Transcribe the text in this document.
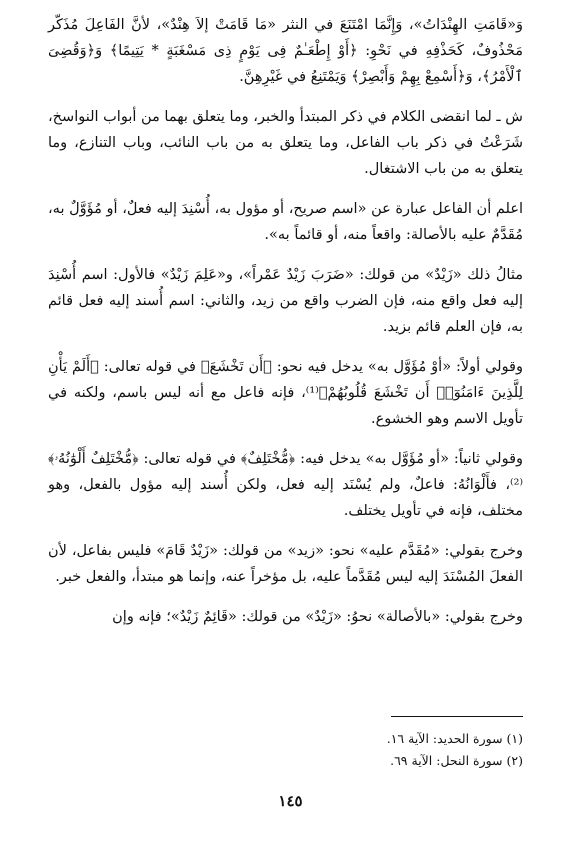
وَ«قَامَتِ الهِنْدَاتُ»، وَإِنَّمَا امْتَنَعَ في النثر «مَا قَامَتْ إلاَ هِنْدٌ»، لأنَّ الفَاعِلَ مُذَكّر مَحْذُوفٌ، كَحَذْفِهِ في نَحْوِ: ﴿أَوْ إِطْعَـٰمٌ فِى يَوْمٍ ذِى مَسْغَبَةٍ * يَتِيمًا﴾ وَ﴿وَقُضِىَ ٱلْأَمْرُ﴾، وَ﴿أَسْمِعْ بِهِمْ وَأَبْصِرْ﴾ وَيَمْتَنِعُ في غَيْرِهِنَّ.

ش ـ لما انقضى الكلام في ذكر المبتدأ والخبر، وما يتعلق بهما من أبواب النواسخ، شَرَعْتُ في ذكر باب الفاعل، وما يتعلق به من باب النائب، وباب التنازع، وما يتعلق به من باب الاشتغال.

اعلم أن الفاعل عبارة عن «اسم صريح، أو مؤول به، أُسْنِدَ إليه فعلٌ، أو مُؤَوَّلٌ به، مُقَدَّمٌ عليه بالأصالة: واقعاً منه، أو قائماً به».

مثالُ ذلك «زَيْدٌ» من قولك: «ضَرَبَ زَيْدٌ عَمْراً»، و«عَلِمَ زَيْدٌ» فالأول: اسم أُسْنِدَ إليه فعل واقع منه، فإن الضرب واقع من زيد، والثاني: اسم أُسند إليه فعل قائم به، فإن العلم قائم بزيد.

وقولي أولاً: «أوْ مُؤَوَّل به» يدخل فيه نحو: ﴿أَن تَخْشَعَ﴾ في قوله تعالى: ﴿أَلَمْ يَأْنِ لِلَّذِينَ ءَامَنُوٓا۟ أَن تَخْشَعَ قُلُوبُهُمْ﴾⁽¹⁾، فإنه فاعل مع أنه ليس باسم، ولكنه في تأويل الاسم وهو الخشوع.

وقولي ثانياً: «أو مُؤَوَّل به» يدخل فيه: ﴿مُّخْتَلِفٌ﴾ في قوله تعالى: ﴿مُّخْتَلِفٌ أَلْوَٰنُهُۥ﴾⁽²⁾، فأَلْوَانُهُ: فاعلٌ، ولم يُسْنَد إليه فعل، ولكن أُسند إليه مؤول بالفعل، وهو مختلف، فإنه في تأويل يختلف.

وخرج بقولي: «مُقَدَّم عليه» نحو: «زيد» من قولك: «زَيْدٌ قَامَ» فليس بفاعل، لأن الفعلَ المُسْنَدَ إليه ليس مُقَدَّماً عليه، بل مؤخراً عنه، وإنما هو مبتدأ، والفعل خبر.

وخرج بقولي: «بالأصالة» نحوُ: «زَيْدٌ» من قولك: «قَائِمٌ زَيْدٌ»؛ فإنه وإن

(١) سورة الحديد: الآية ١٦.

(٢) سورة النحل: الآية ٦٩.

١٤٥
